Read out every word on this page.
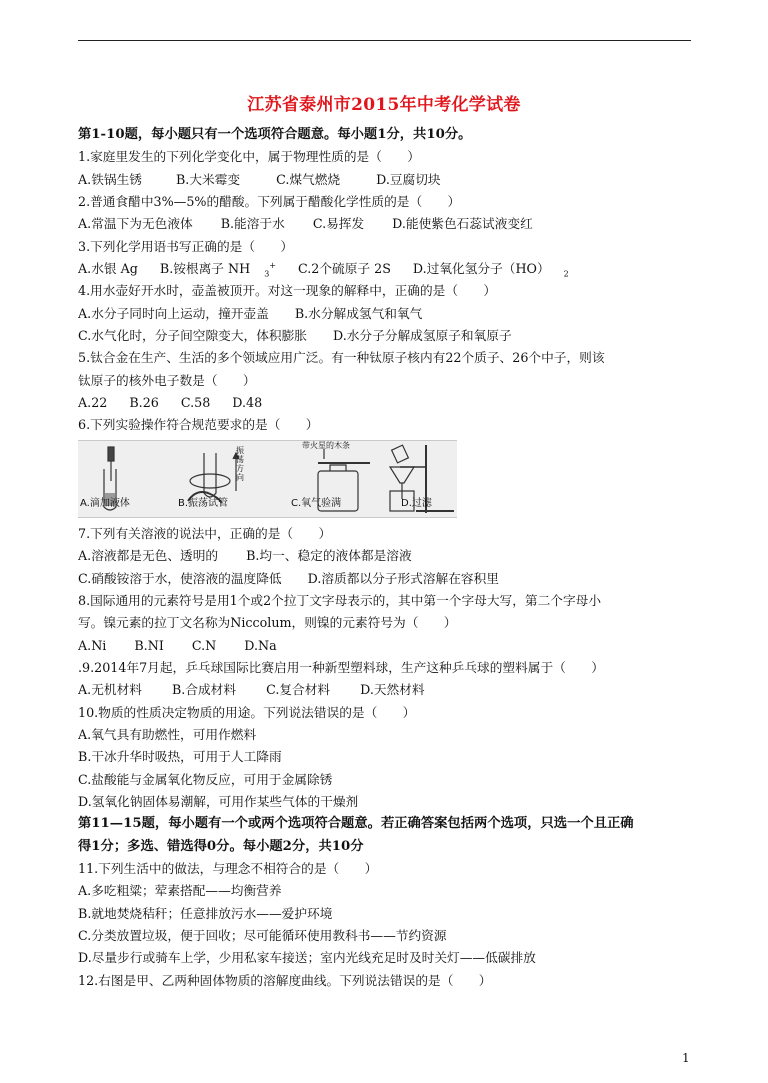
江苏省泰州市2015年中考化学试卷
第1-10题，每小题只有一个选项符合题意。每小题1分，共10分。
1.家庭里发生的下列化学变化中，属于物理性质的是（　　）
A.铁锅生锈	B.大米霉变	C.煤气燃烧	D.豆腐切块
2.普通食醋中3%—5%的醋酸。下列属于醋酸化学性质的是（　　）
A.常温下为无色液体 B.能溶于水 C.易挥发 D.能使紫色石蕊试液变红
3.下列化学用语书写正确的是（　　）
A.水银 Ag B.铵根离子 NH $_3$+ C.2个硫原子 2S D.过氧化氢分子（HO） $_2$
4.用水壶好开水时，壶盖被顶开。对这一现象的解释中，正确的是（　　）
A.水分子同时向上运动，撞开壶盖 B.水分解成氢气和氧气
C.水气化时，分子间空隙变大，体积膨胀 D.水分子分解成氢原子和氧原子
5.钛合金在生产、生活的多个领域应用广泛。有一种钛原子核内有22个质子、26个中子，则该
钛原子的核外电子数是（　　）
A.22 B.26 C.58 D.48
6.下列实验操作符合规范要求的是（　　）
振荡方向
带火星的木条
A.滴加液体	B.振荡试管	C.氧气验满	D.过滤
7.下列有关溶液的说法中，正确的是（　　）
A.溶液都是无色、透明的 B.均一、稳定的液体都是溶液
C.硝酸铵溶于水，使溶液的温度降低 D.溶质都以分子形式溶解在容积里
8.国际通用的元素符号是用1个或2个拉丁文字母表示的，其中第一个字母大写，第二个字母小
写。镍元素的拉丁文名称为Niccolum，则镍的元素符号为（　　）
A.Ni B.NI C.N D.Na
.9.2014年7月起，乒乓球国际比赛启用一种新型塑料球，生产这种乒乓球的塑料属于（　　）
A.无机材料 B.合成材料 C.复合材料 D.天然材料
10.物质的性质决定物质的用途。下列说法错误的是（　　）
A.氧气具有助燃性，可用作燃料
B.干冰升华时吸热，可用于人工降雨
C.盐酸能与金属氧化物反应，可用于金属除锈
D.氢氧化钠固体易潮解，可用作某些气体的干燥剂
第11—15题，每小题有一个或两个选项符合题意。若正确答案包括两个选项，只选一个且正确
得1分；多选、错选得0分。每小题2分，共10分
11.下列生活中的做法，与理念不相符合的是（　　）
A.多吃粗粱；荤素搭配——均衡营养
B.就地焚烧秸秆；任意排放污水——爱护环境
C.分类放置垃圾，便于回收；尽可能循环使用教科书——节约资源
D.尽量步行或骑车上学，少用私家车接送；室内光线充足时及时关灯——低碳排放
12.右图是甲、乙两种固体物质的溶解度曲线。下列说法错误的是（　　）
1
